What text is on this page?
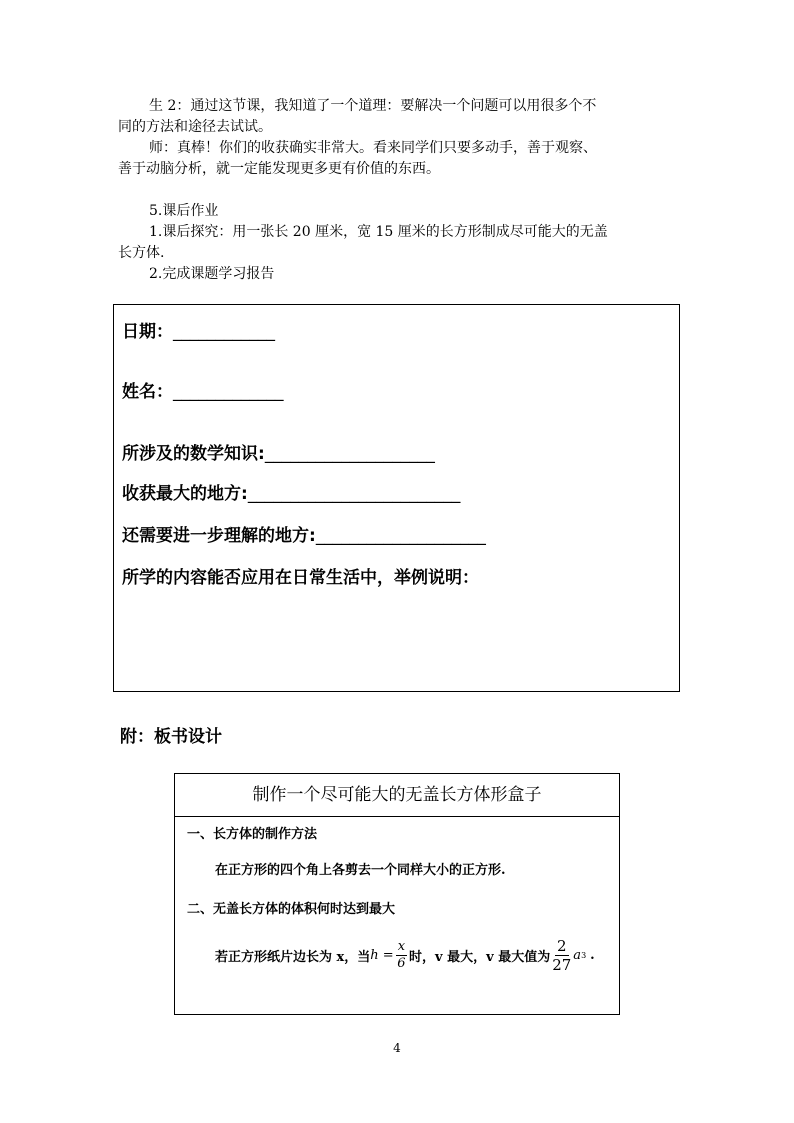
生 2：通过这节课，我知道了一个道理：要解决一个问题可以用很多个不
同的方法和途径去试试。
师：真棒！你们的收获确实非常大。看来同学们只要多动手，善于观察、
善于动脑分析，就一定能发现更多更有价值的东西。
5.课后作业
1.课后探究：用一张长 20 厘米，宽 15 厘米的长方形制成尽可能大的无盖
长方体.
2.完成课题学习报告
日期：____________
姓名：_____________
所涉及的数学知识:____________________
收获最大的地方:_________________________
还需要进一步理解的地方:____________________
所学的内容能否应用在日常生活中，举例说明：
附：板书设计
制作一个尽可能大的无盖长方体形盒子
一、长方体的制作方法
在正方形的四个角上各剪去一个同样大小的正方形.
二、无盖长方体的体积何时达到最大
若正方形纸片边长为 x，当 $h = \frac{x}{6}$ 时，v 最大，v 最大值为 $\frac{2}{27}$ a 3 .
4
